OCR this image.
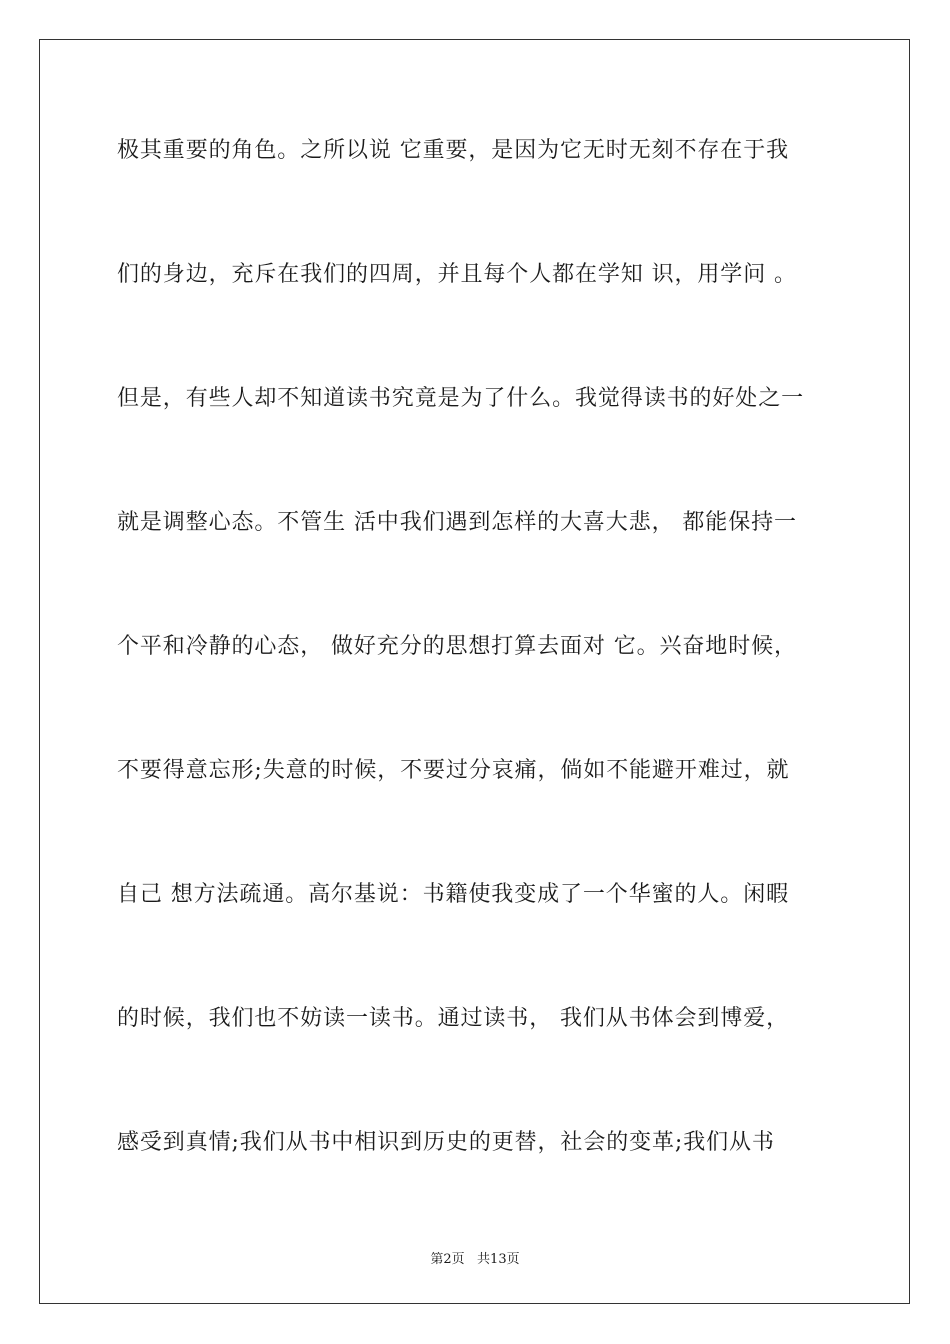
极其重要的角色。之所以说 它重要，是因为它无时无刻不存在于我
们的身边，充斥在我们的四周，并且每个人都在学知 识，用学问 。
但是，有些人却不知道读书究竟是为了什么。我觉得读书的好处之一
就是调整心态。不管生 活中我们遇到怎样的大喜大悲， 都能保持一
个平和冷静的心态， 做好充分的思想打算去面对 它。兴奋地时候，
不要得意忘形;失意的时候，不要过分哀痛，倘如不能避开难过，就
自己 想方法疏通。高尔基说：书籍使我变成了一个华蜜的人。闲暇
的时候，我们也不妨读一读书。通过读书， 我们从书体会到博爱，
感受到真情;我们从书中相识到历史的更替，社会的变革;我们从书
第2页   共13页
